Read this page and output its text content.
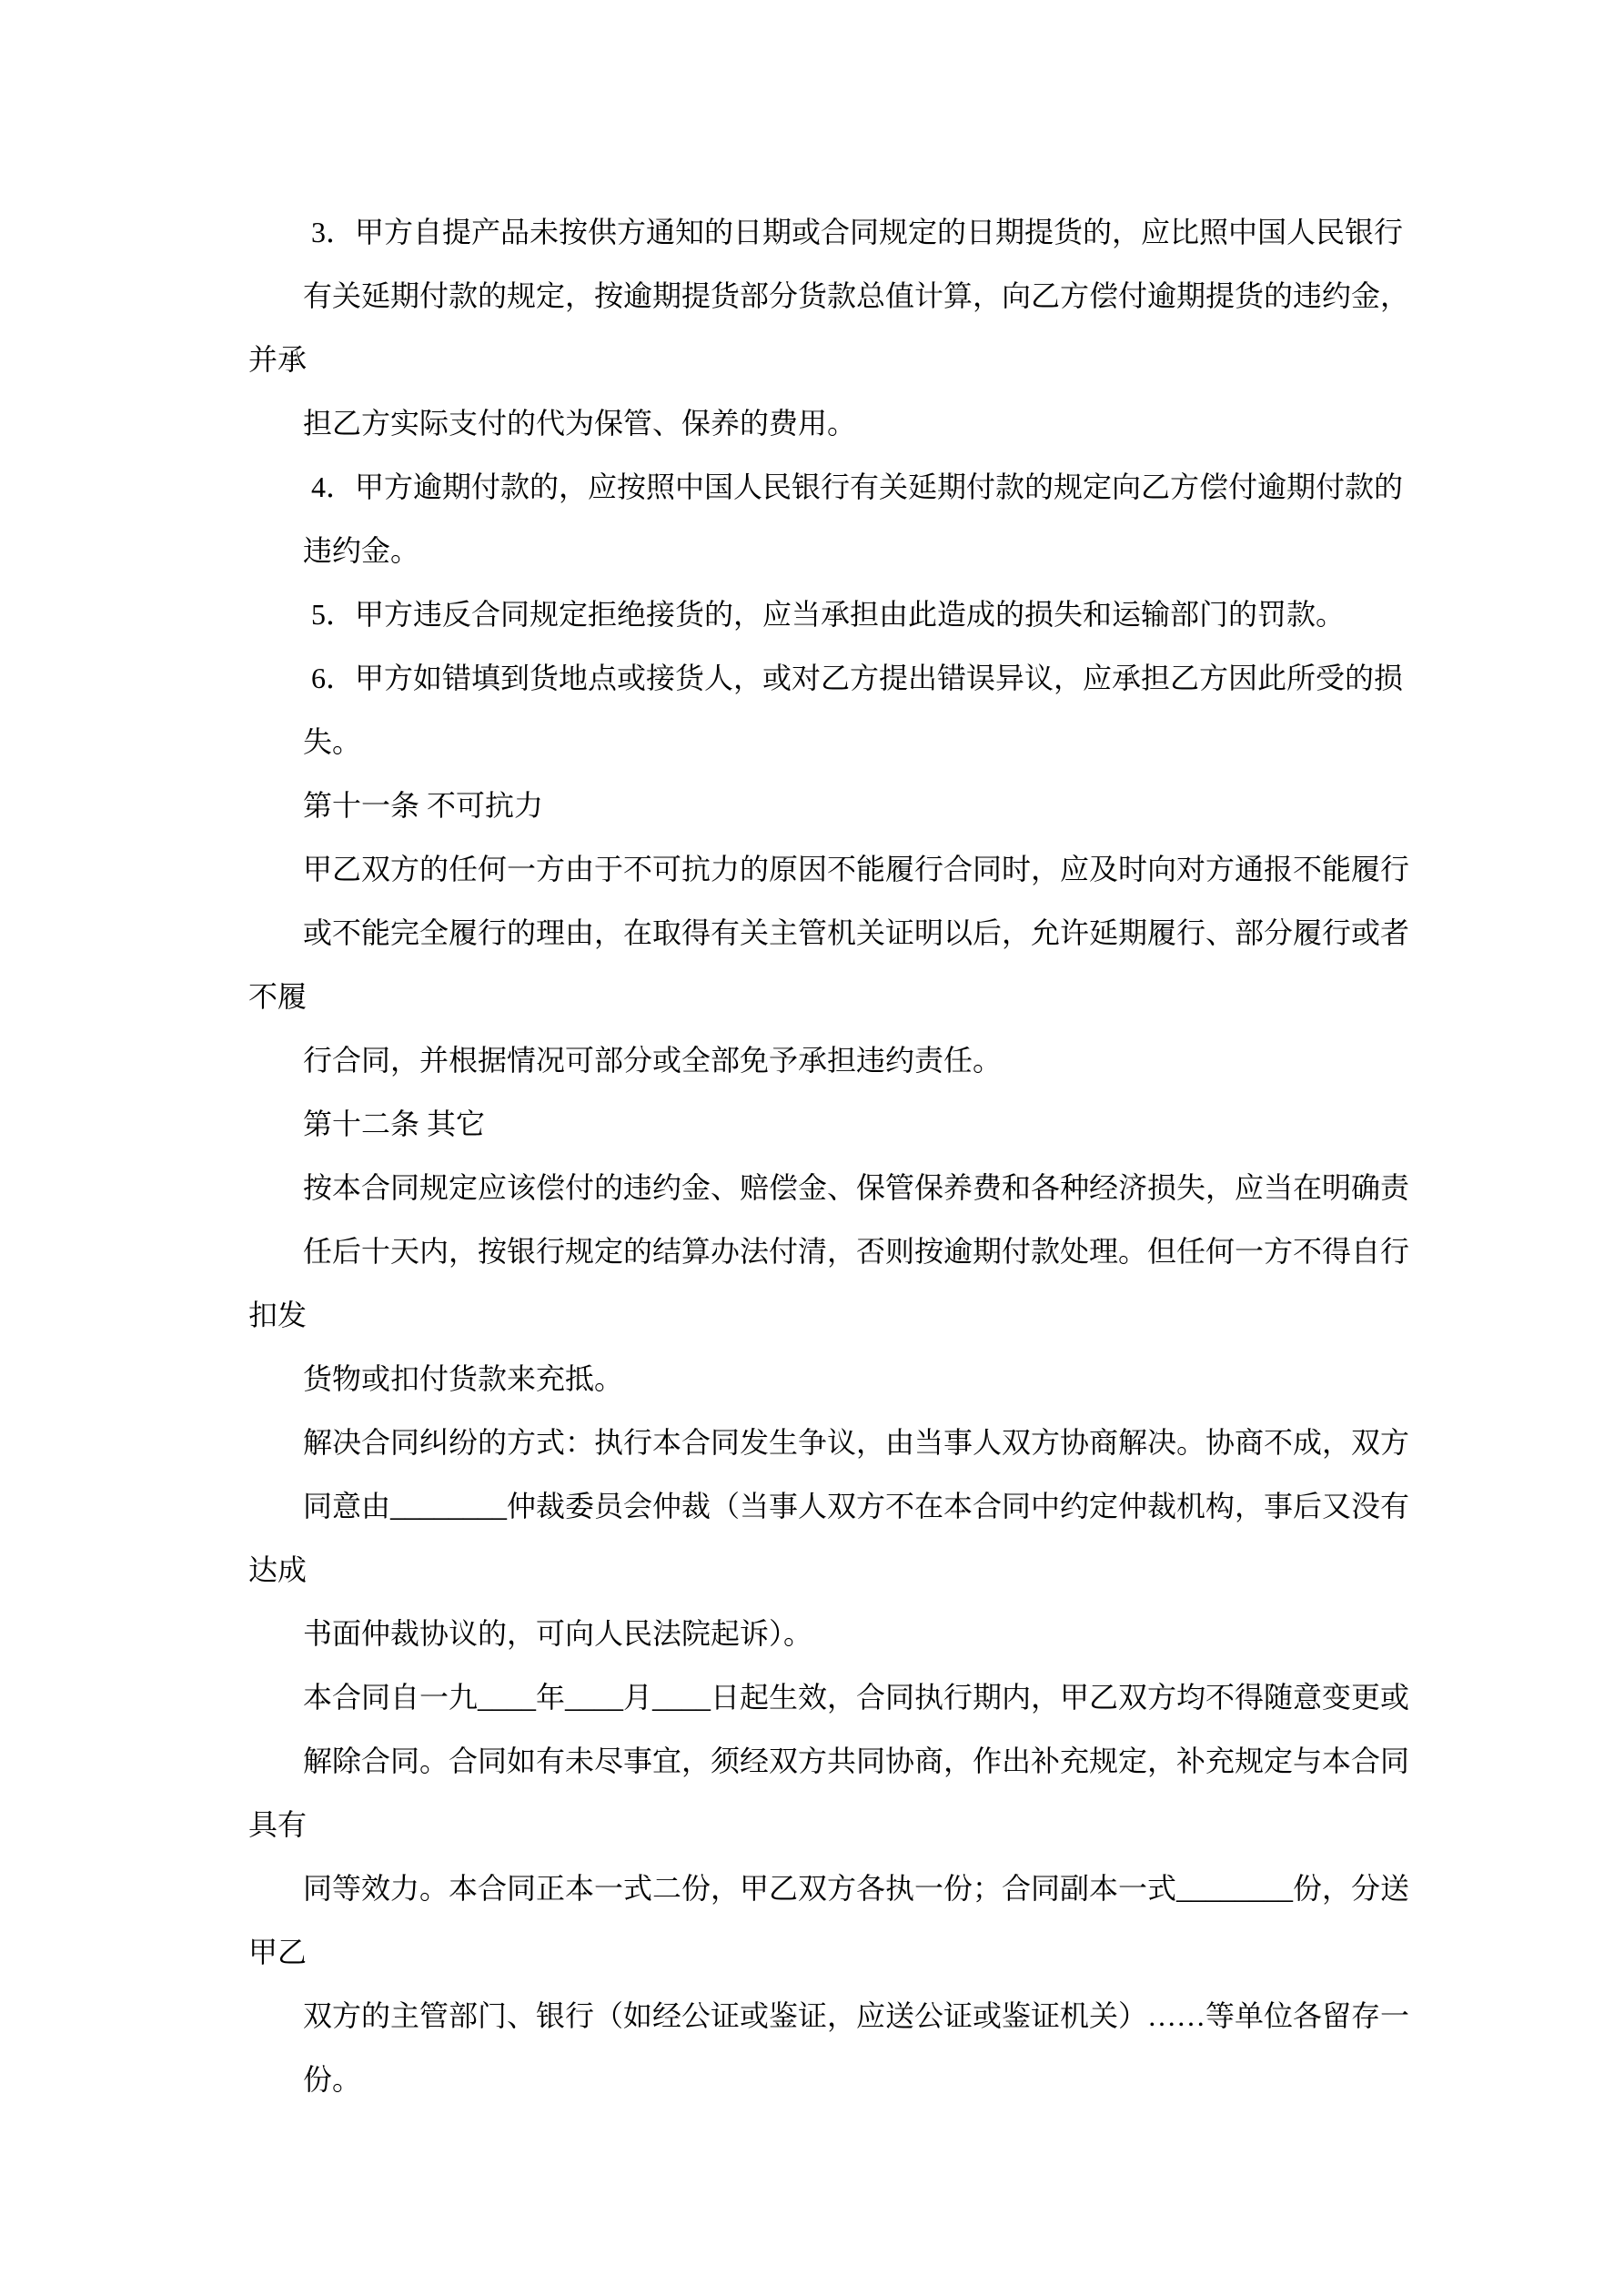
3．甲方自提产品未按供方通知的日期或合同规定的日期提货的，应比照中国人民银行
有关延期付款的规定，按逾期提货部分货款总值计算，向乙方偿付逾期提货的违约金，
并承
担乙方实际支付的代为保管、保养的费用。
4．甲方逾期付款的，应按照中国人民银行有关延期付款的规定向乙方偿付逾期付款的
违约金。
5．甲方违反合同规定拒绝接货的，应当承担由此造成的损失和运输部门的罚款。
6．甲方如错填到货地点或接货人，或对乙方提出错误异议，应承担乙方因此所受的损
失。
第十一条 不可抗力
甲乙双方的任何一方由于不可抗力的原因不能履行合同时，应及时向对方通报不能履行
或不能完全履行的理由，在取得有关主管机关证明以后，允许延期履行、部分履行或者
不履
行合同，并根据情况可部分或全部免予承担违约责任。
第十二条 其它
按本合同规定应该偿付的违约金、赔偿金、保管保养费和各种经济损失，应当在明确责
任后十天内，按银行规定的结算办法付清，否则按逾期付款处理。但任何一方不得自行
扣发
货物或扣付货款来充抵。
解决合同纠纷的方式：执行本合同发生争议，由当事人双方协商解决。协商不成，双方
同意由________仲裁委员会仲裁（当事人双方不在本合同中约定仲裁机构，事后又没有
达成
书面仲裁协议的，可向人民法院起诉）。
本合同自一九____年____月____日起生效，合同执行期内，甲乙双方均不得随意变更或
解除合同。合同如有未尽事宜，须经双方共同协商，作出补充规定，补充规定与本合同
具有
同等效力。本合同正本一式二份，甲乙双方各执一份；合同副本一式________份，分送
甲乙
双方的主管部门、银行（如经公证或鉴证，应送公证或鉴证机关）……等单位各留存一
份。
